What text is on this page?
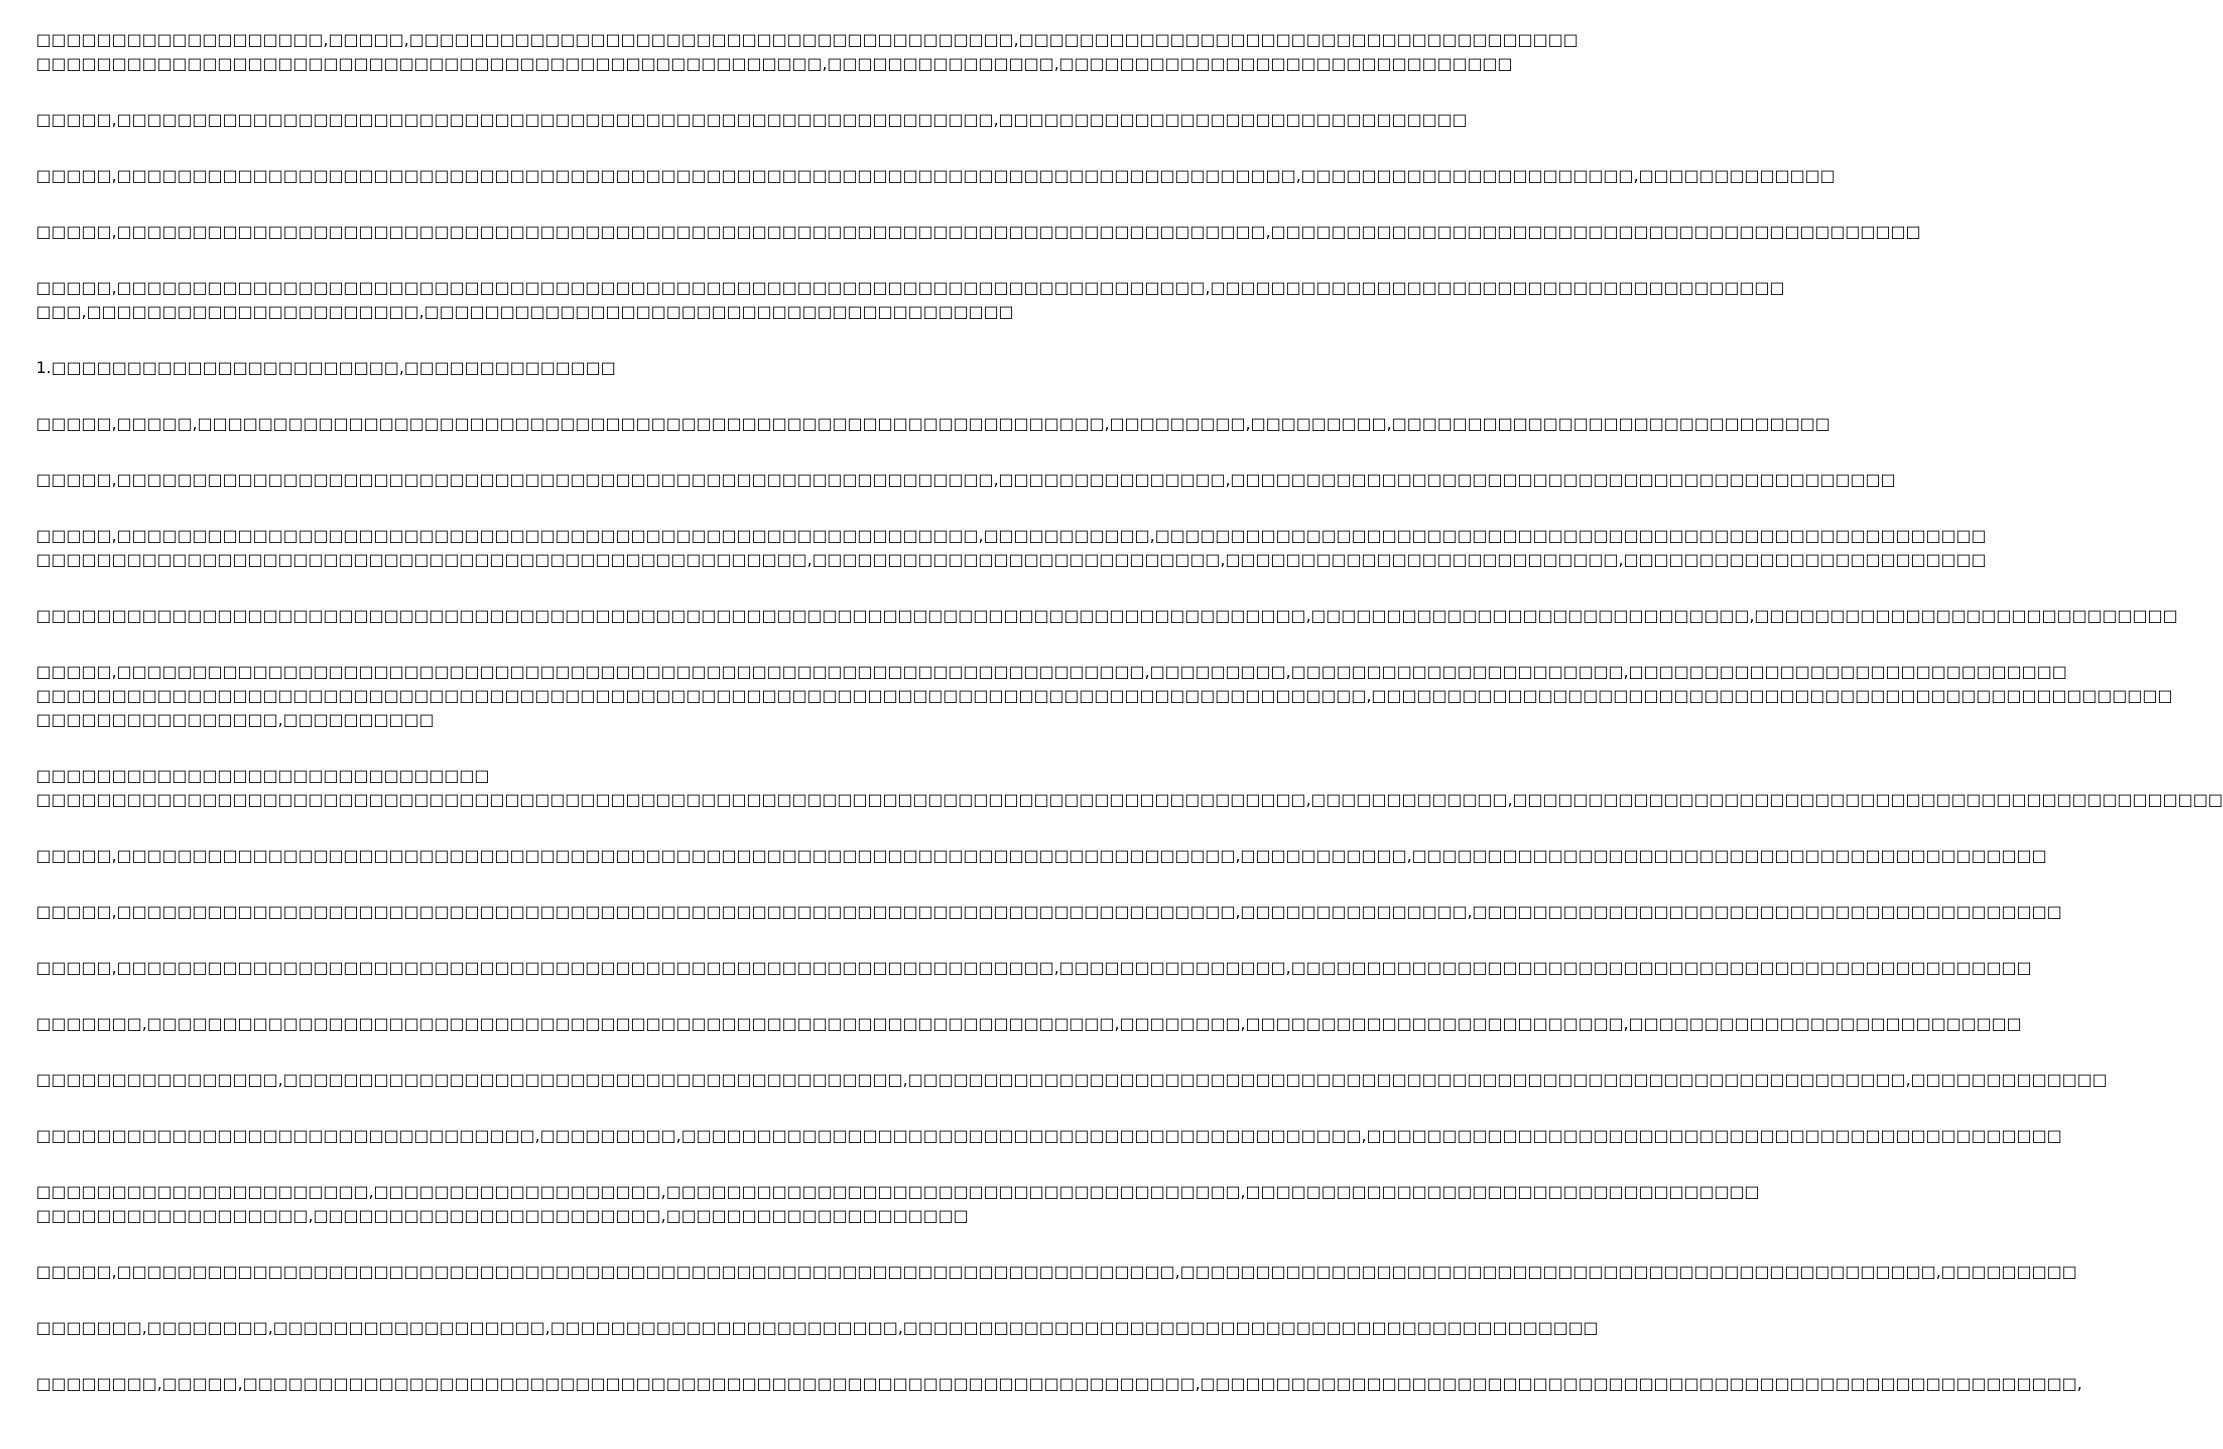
□□□□□□□□□□□□□□□□□□□,□□□□□,□□□□□□□□□□□□□□□□□□□□□□□□□□□□□□□□□□□□□□□□,□□□□□□□□□□□□□□□□□□□□□□□□□□□□□□□□□□□□□
□□□□□□□□□□□□□□□□□□□□□□□□□□□□□□□□□□□□□□□□□□□□□□□□□□□□,□□□□□□□□□□□□□□□,□□□□□□□□□□□□□□□□□□□□□□□□□□□□□□
□□□□□,□□□□□□□□□□□□□□□□□□□□□□□□□□□□□□□□□□□□□□□□□□□□□□□□□□□□□□□□□□,□□□□□□□□□□□□□□□□□□□□□□□□□□□□□□□
□□□□□,□□□□□□□□□□□□□□□□□□□□□□□□□□□□□□□□□□□□□□□□□□□□□□□□□□□□□□□□□□□□□□□□□□□□□□□□□□□□□□,□□□□□□□□□□□□□□□□□□□□□□,□□□□□□□□□□□□□
□□□□□,□□□□□□□□□□□□□□□□□□□□□□□□□□□□□□□□□□□□□□□□□□□□□□□□□□□□□□□□□□□□□□□□□□□□□□□□□□□□,□□□□□□□□□□□□□□□□□□□□□□□□□□□□□□□□□□□□□□□□□□□
□□□□□,□□□□□□□□□□□□□□□□□□□□□□□□□□□□□□□□□□□□□□□□□□□□□□□□□□□□□□□□□□□□□□□□□□□□□□□□,□□□□□□□□□□□□□□□□□□□□□□□□□□□□□□□□□□□□□□
□□□,□□□□□□□□□□□□□□□□□□□□□□,□□□□□□□□□□□□□□□□□□□□□□□□□□□□□□□□□□□□□□□
1.□□□□□□□□□□□□□□□□□□□□□□□,□□□□□□□□□□□□□□
□□□□□,□□□□□,□□□□□□□□□□□□□□□□□□□□□□□□□□□□□□□□□□□□□□□□□□□□□□□□□□□□□□□□□□□□,□□□□□□□□□,□□□□□□□□□,□□□□□□□□□□□□□□□□□□□□□□□□□□□□□
□□□□□,□□□□□□□□□□□□□□□□□□□□□□□□□□□□□□□□□□□□□□□□□□□□□□□□□□□□□□□□□□,□□□□□□□□□□□□□□□,□□□□□□□□□□□□□□□□□□□□□□□□□□□□□□□□□□□□□□□□□□□□
□□□□□,□□□□□□□□□□□□□□□□□□□□□□□□□□□□□□□□□□□□□□□□□□□□□□□□□□□□□□□□□,□□□□□□□□□□□,□□□□□□□□□□□□□□□□□□□□□□□□□□□□□□□□□□□□□□□□□□□□□□□□□□□□□□□
□□□□□□□□□□□□□□□□□□□□□□□□□□□□□□□□□□□□□□□□□□□□□□□□□□□,□□□□□□□□□□□□□□□□□□□□□□□□□□□,□□□□□□□□□□□□□□□□□□□□□□□□□□,□□□□□□□□□□□□□□□□□□□□□□□□
□□□□□□□□□□□□□□□□□□□□□□□□□□□□□□□□□□□□□□□□□□□□□□□□□□□□□□□□□□□□□□□□□□□□□□□□□□□□□□□□□□□□,□□□□□□□□□□□□□□□□□□□□□□□□□□□□□,□□□□□□□□□□□□□□□□□□□□□□□□□□□□
□□□□□,□□□□□□□□□□□□□□□□□□□□□□□□□□□□□□□□□□□□□□□□□□□□□□□□□□□□□□□□□□□□□□□□□□□□,□□□□□□□□□,□□□□□□□□□□□□□□□□□□□□□□,□□□□□□□□□□□□□□□□□□□□□□□□□□□□□
□□□□□□□□□□□□□□□□□□□□□□□□□□□□□□□□□□□□□□□□□□□□□□□□□□□□□□□□□□□□□□□□□□□□□□□□□□□□□□□□□□□□□□□□,□□□□□□□□□□□□□□□□□□□□□□□□□□□□□□□□□□□□□□□□□□□□□□□□□□□□□
□□□□□□□□□□□□□□□□,□□□□□□□□□□
□□□□□□□□□□□□□□□□□□□□□□□□□□□□□□
□□□□□□□□□□□□□□□□□□□□□□□□□□□□□□□□□□□□□□□□□□□□□□□□□□□□□□□□□□□□□□□□□□□□□□□□□□□□□□□□□□□□,□□□□□□□□□□□□□,□□□□□□□□□□□□□□□□□□□□□□□□□□□□□□□□□□□□□□□□□□□□□□□
□□□□□,□□□□□□□□□□□□□□□□□□□□□□□□□□□□□□□□□□□□□□□□□□□□□□□□□□□□□□□□□□□□□□□□□□□□□□□□□□,□□□□□□□□□□□,□□□□□□□□□□□□□□□□□□□□□□□□□□□□□□□□□□□□□□□□□□
□□□□□,□□□□□□□□□□□□□□□□□□□□□□□□□□□□□□□□□□□□□□□□□□□□□□□□□□□□□□□□□□□□□□□□□□□□□□□□□□,□□□□□□□□□□□□□□□,□□□□□□□□□□□□□□□□□□□□□□□□□□□□□□□□□□□□□□□
□□□□□,□□□□□□□□□□□□□□□□□□□□□□□□□□□□□□□□□□□□□□□□□□□□□□□□□□□□□□□□□□□□□□,□□□□□□□□□□□□□□□,□□□□□□□□□□□□□□□□□□□□□□□□□□□□□□□□□□□□□□□□□□□□□□□□□
□□□□□□□,□□□□□□□□□□□□□□□□□□□□□□□□□□□□□□□□□□□□□□□□□□□□□□□□□□□□□□□□□□□□□□□□,□□□□□□□□,□□□□□□□□□□□□□□□□□□□□□□□□□,□□□□□□□□□□□□□□□□□□□□□□□□□□
□□□□□□□□□□□□□□□□,□□□□□□□□□□□□□□□□□□□□□□□□□□□□□□□□□□□□□□□□□,□□□□□□□□□□□□□□□□□□□□□□□□□□□□□□□□□□□□□□□□□□□□□□□□□□□□□□□□□□□□□□□□□□,□□□□□□□□□□□□□
□□□□□□□□□□□□□□□□□□□□□□□□□□□□□□□□□,□□□□□□□□□,□□□□□□□□□□□□□□□□□□□□□□□□□□□□□□□□□□□□□□□□□□□□□,□□□□□□□□□□□□□□□□□□□□□□□□□□□□□□□□□□□□□□□□□□□□□□
□□□□□□□□□□□□□□□□□□□□□□,□□□□□□□□□□□□□□□□□□□,□□□□□□□□□□□□□□□□□□□□□□□□□□□□□□□□□□□□□□,□□□□□□□□□□□□□□□□□□□□□□□□□□□□□□□□□□
□□□□□□□□□□□□□□□□□□,□□□□□□□□□□□□□□□□□□□□□□□,□□□□□□□□□□□□□□□□□□□□
□□□□□,□□□□□□□□□□□□□□□□□□□□□□□□□□□□□□□□□□□□□□□□□□□□□□□□□□□□□□□□□□□□□□□□□□□□□□,□□□□□□□□□□□□□□□□□□□□□□□□□□□□□□□□□□□□□□□□□□□□□□□□□□,□□□□□□□□□
□□□□□□□,□□□□□□□□,□□□□□□□□□□□□□□□□□□,□□□□□□□□□□□□□□□□□□□□□□□,□□□□□□□□□□□□□□□□□□□□□□□□□□□□□□□□□□□□□□□□□□□□□□
□□□□□□□□,□□□□□,□□□□□□□□□□□□□□□□□□□□□□□□□□□□□□□□□□□□□□□□□□□□□□□□□□□□□□□□□□□□□□□,□□□□□□□□□□□□□□□□□□□□□□□□□□□□□□□□□□□□□□□□□□□□□□□□□□□□□□□□□□,
